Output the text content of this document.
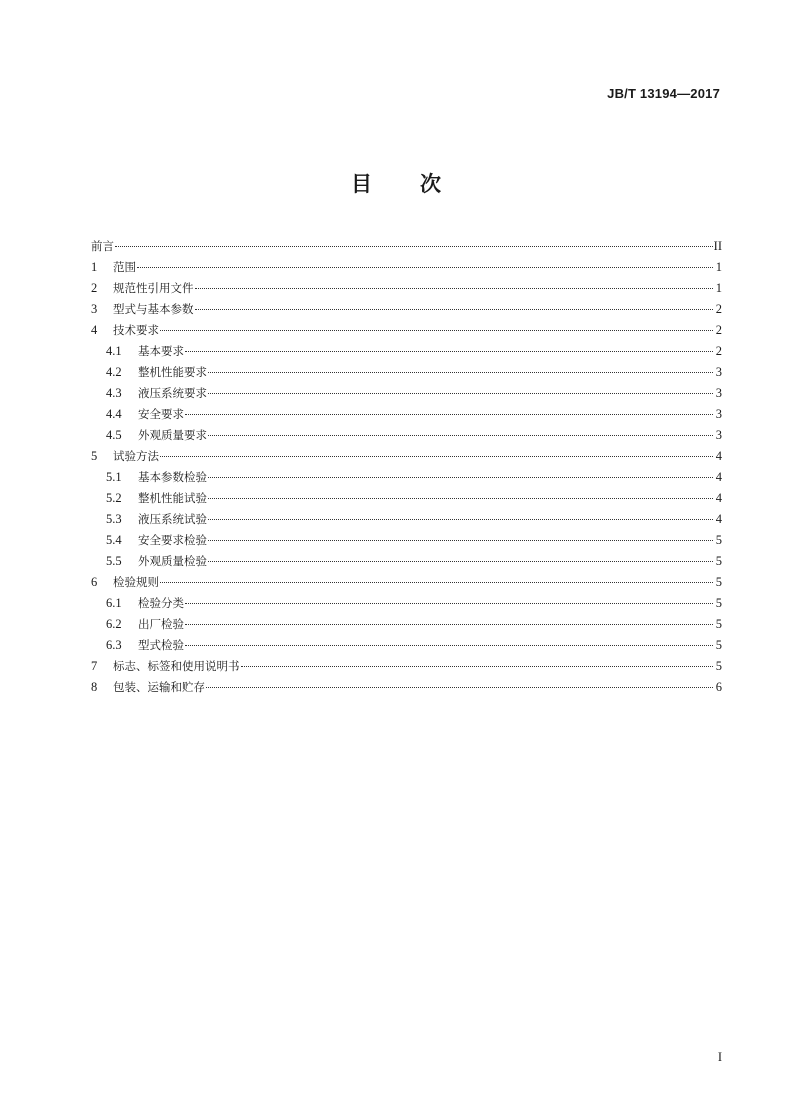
JB/T 13194—2017
目次
前言	II
1	范围	1
2	规范性引用文件	1
3	型式与基本参数	2
4	技术要求	2
4.1	基本要求	2
4.2	整机性能要求	3
4.3	液压系统要求	3
4.4	安全要求	3
4.5	外观质量要求	3
5	试验方法	4
5.1	基本参数检验	4
5.2	整机性能试验	4
5.3	液压系统试验	4
5.4	安全要求检验	5
5.5	外观质量检验	5
6	检验规则	5
6.1	检验分类	5
6.2	出厂检验	5
6.3	型式检验	5
7	标志、标签和使用说明书	5
8	包装、运输和贮存	6
I
